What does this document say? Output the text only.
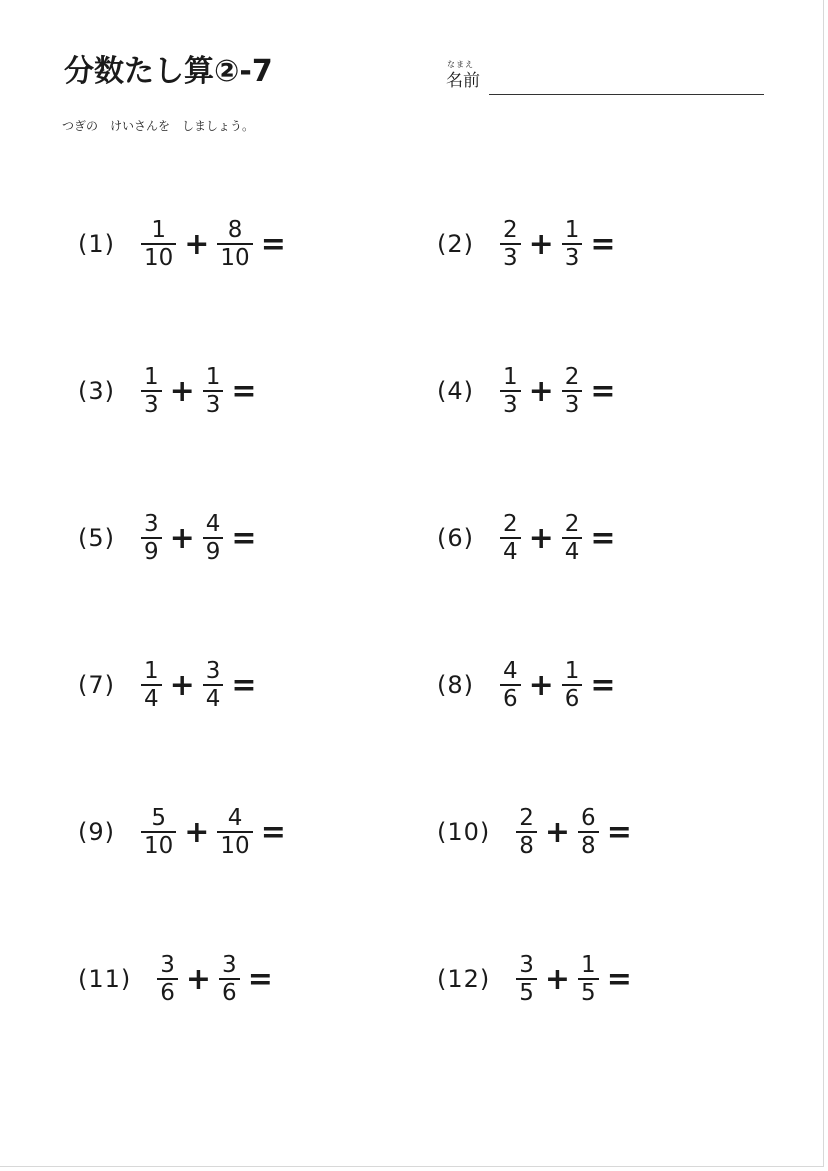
分数たし算②-7	なまえ
名前
つぎの　けいさんを　しましょう。
$(1) \frac{1}{10} + \frac{8}{10}$ =	$(2) \frac{2}{3} + \frac{1}{3}$ =
$(3) \frac{1}{3} + \frac{1}{3}$ =	$(4) \frac{1}{3} + \frac{2}{3}$ =
$(5) \frac{3}{9} + \frac{4}{9}$ =	$(6) \frac{2}{4} + \frac{2}{4}$ =
$(7) \frac{1}{4} + \frac{3}{4}$ =	$(8) \frac{4}{6} + \frac{1}{6}$ =
$(9) \frac{5}{10} + \frac{4}{10}$ =	$(10) \frac{2}{8} + \frac{6}{8}$ =
$(11) \frac{3}{6} + \frac{3}{6}$ =	$(12) \frac{3}{5} + \frac{1}{5}$ =
